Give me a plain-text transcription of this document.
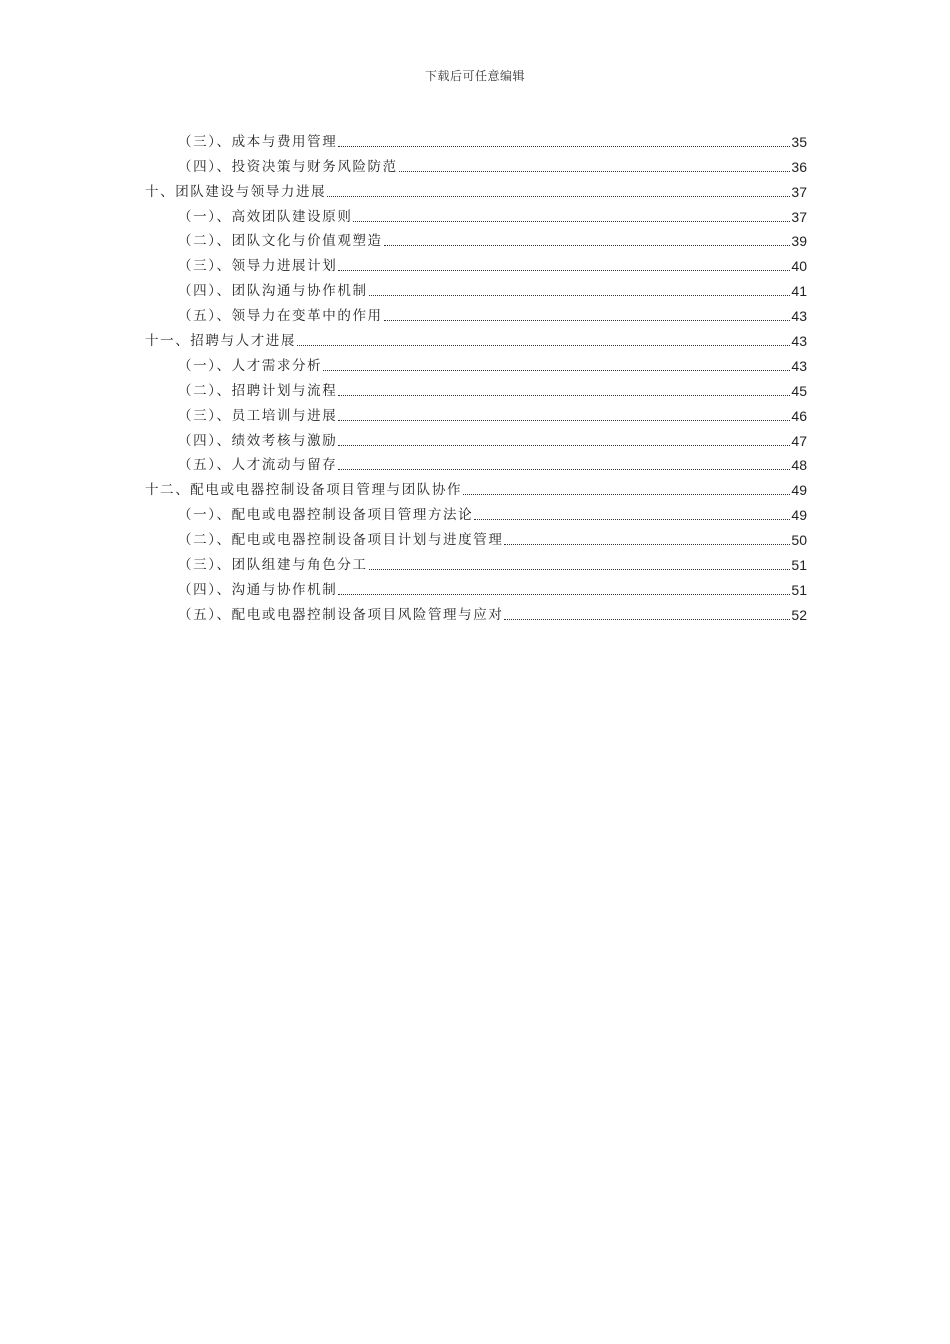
下载后可任意编辑
（三）、成本与费用管理	35
（四）、投资决策与财务风险防范	36
十、团队建设与领导力进展	37
（一）、高效团队建设原则	37
（二）、团队文化与价值观塑造	39
（三）、领导力进展计划	40
（四）、团队沟通与协作机制	41
（五）、领导力在变革中的作用	43
十一、招聘与人才进展	43
（一）、人才需求分析	43
（二）、招聘计划与流程	45
（三）、员工培训与进展	46
（四）、绩效考核与激励	47
（五）、人才流动与留存	48
十二、配电或电器控制设备项目管理与团队协作	49
（一）、配电或电器控制设备项目管理方法论	49
（二）、配电或电器控制设备项目计划与进度管理	50
（三）、团队组建与角色分工	51
（四）、沟通与协作机制	51
（五）、配电或电器控制设备项目风险管理与应对	52
